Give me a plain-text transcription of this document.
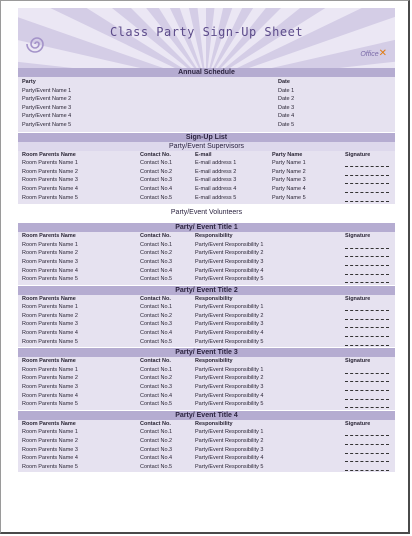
Class Party Sign-Up Sheet
Office✕
Annual Schedule
Party	Date
Party/Event Name 1	Date 1
Party/Event Name 2	Date 2
Party/Event Name 3	Date 3
Party/Event Name 4	Date 4
Party/Event Name 5	Date 5
Sign-Up List
Party/Event Supervisors
Room Parents Name	Contact No.	E-mail	Party Name	Signature
Room Parents Name 1	Contact No.1	E-mail address 1	Party Name 1
Room Parents Name 2	Contact No.2	E-mail address 2	Party Name 2
Room Parents Name 3	Contact No.3	E-mail address 3	Party Name 3
Room Parents Name 4	Contact No.4	E-mail address 4	Party Name 4
Room Parents Name 5	Contact No.5	E-mail address 5	Party Name 5
Party/Event Volunteers
Party/ Event Title 1
Room Parents Name	Contact No.	Responsibility	Signature
Room Parents Name 1	Contact No.1	Party/Event Responsibility 1
Room Parents Name 2	Contact No.2	Party/Event Responsibility 2
Room Parents Name 3	Contact No.3	Party/Event Responsibility 3
Room Parents Name 4	Contact No.4	Party/Event Responsibility 4
Room Parents Name 5	Contact No.5	Party/Event Responsibility 5
Party/ Event Title 2
Room Parents Name	Contact No.	Responsibility	Signature
Room Parents Name 1	Contact No.1	Party/Event Responsibility 1
Room Parents Name 2	Contact No.2	Party/Event Responsibility 2
Room Parents Name 3	Contact No.3	Party/Event Responsibility 3
Room Parents Name 4	Contact No.4	Party/Event Responsibility 4
Room Parents Name 5	Contact No.5	Party/Event Responsibility 5
Party/ Event Title 3
Room Parents Name	Contact No.	Responsibility	Signature
Room Parents Name 1	Contact No.1	Party/Event Responsibility 1
Room Parents Name 2	Contact No.2	Party/Event Responsibility 2
Room Parents Name 3	Contact No.3	Party/Event Responsibility 3
Room Parents Name 4	Contact No.4	Party/Event Responsibility 4
Room Parents Name 5	Contact No.5	Party/Event Responsibility 5
Party/ Event Title 4
Room Parents Name	Contact No.	Responsibility	Signature
Room Parents Name 1	Contact No.1	Party/Event Responsibility 1
Room Parents Name 2	Contact No.2	Party/Event Responsibility 2
Room Parents Name 3	Contact No.3	Party/Event Responsibility 3
Room Parents Name 4	Contact No.4	Party/Event Responsibility 4
Room Parents Name 5	Contact No.5	Party/Event Responsibility 5
